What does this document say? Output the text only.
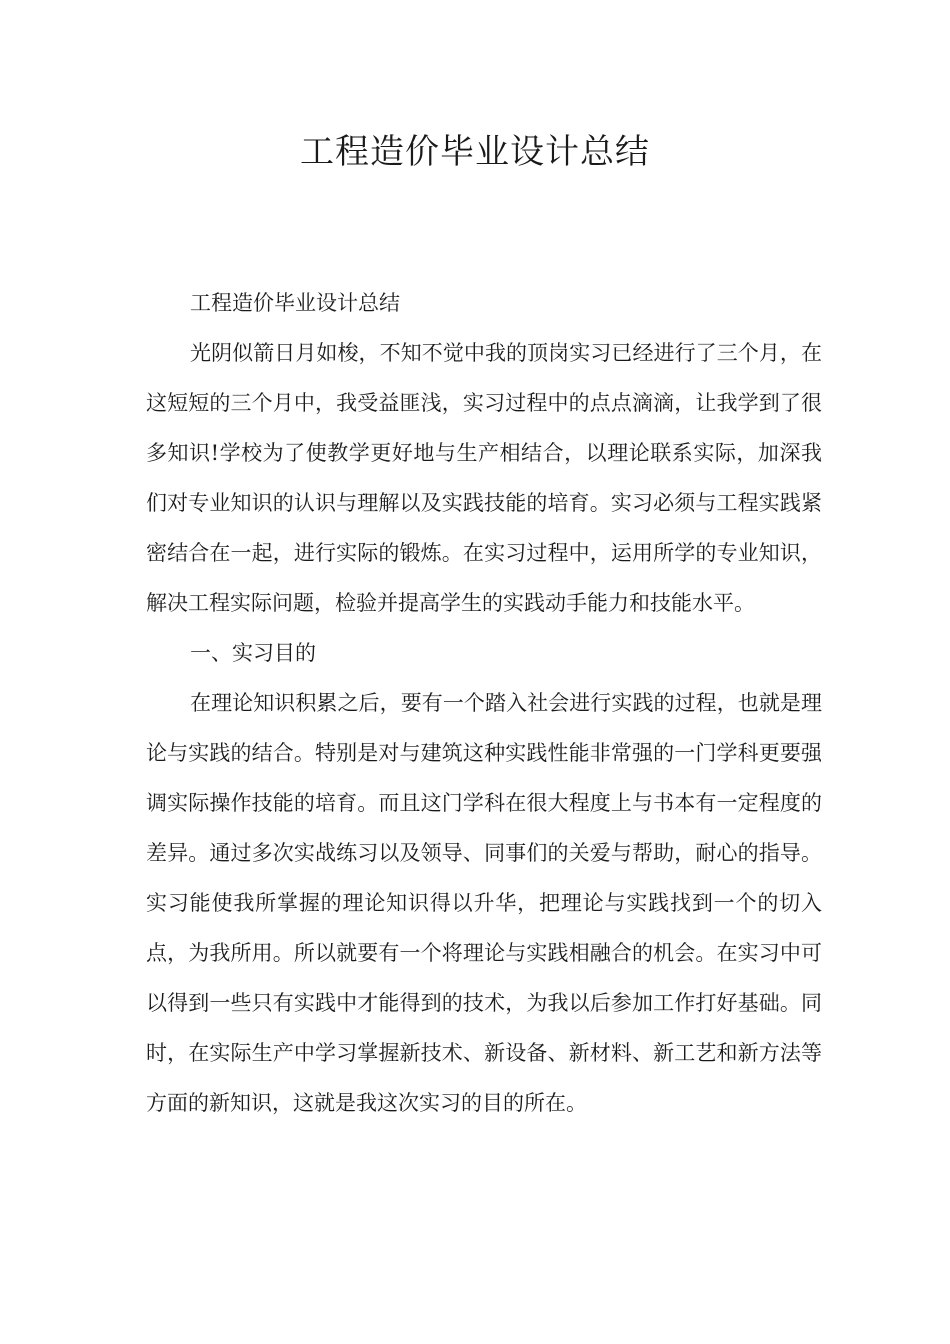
工程造价毕业设计总结

工程造价毕业设计总结

光阴似箭日月如梭，不知不觉中我的顶岗实习已经进行了三个月，在这短短的三个月中，我受益匪浅，实习过程中的点点滴滴，让我学到了很多知识!学校为了使教学更好地与生产相结合，以理论联系实际，加深我们对专业知识的认识与理解以及实践技能的培育。实习必须与工程实践紧密结合在一起，进行实际的锻炼。在实习过程中，运用所学的专业知识，解决工程实际问题，检验并提高学生的实践动手能力和技能水平。

一、实习目的

在理论知识积累之后，要有一个踏入社会进行实践的过程，也就是理论与实践的结合。特别是对与建筑这种实践性能非常强的一门学科更要强调实际操作技能的培育。而且这门学科在很大程度上与书本有一定程度的差异。通过多次实战练习以及领导、同事们的关爱与帮助，耐心的指导。实习能使我所掌握的理论知识得以升华，把理论与实践找到一个的切入点，为我所用。所以就要有一个将理论与实践相融合的机会。在实习中可以得到一些只有实践中才能得到的技术，为我以后参加工作打好基础。同时，在实际生产中学习掌握新技术、新设备、新材料、新工艺和新方法等方面的新知识，这就是我这次实习的目的所在。
